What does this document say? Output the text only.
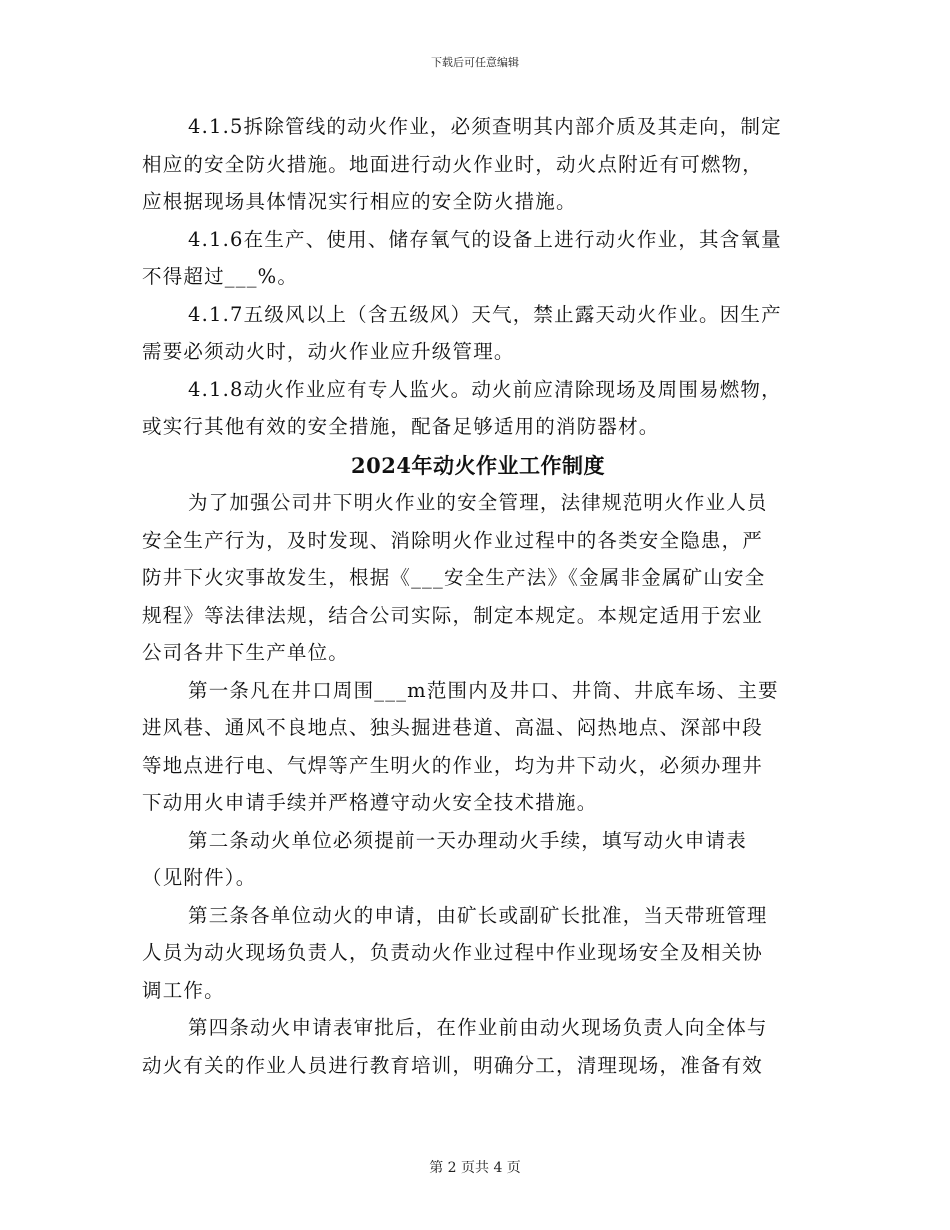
下载后可任意编辑

4.1.5拆除管线的动火作业，必须查明其内部介质及其走向，制定
相应的安全防火措施。地面进行动火作业时，动火点附近有可燃物，
应根据现场具体情况实行相应的安全防火措施。

4.1.6在生产、使用、储存氧气的设备上进行动火作业，其含氧量
不得超过___%。

4.1.7五级风以上（含五级风）天气，禁止露天动火作业。因生产
需要必须动火时，动火作业应升级管理。

4.1.8动火作业应有专人监火。动火前应清除现场及周围易燃物，
或实行其他有效的安全措施，配备足够适用的消防器材。

2024年动火作业工作制度

为了加强公司井下明火作业的安全管理，法律规范明火作业人员
安全生产行为，及时发现、消除明火作业过程中的各类安全隐患，严
防井下火灾事故发生，根据《___安全生产法》《金属非金属矿山安全
规程》等法律法规，结合公司实际，制定本规定。本规定适用于宏业
公司各井下生产单位。

第一条凡在井口周围___m范围内及井口、井筒、井底车场、主要
进风巷、通风不良地点、独头掘进巷道、高温、闷热地点、深部中段
等地点进行电、气焊等产生明火的作业，均为井下动火，必须办理井
下动用火申请手续并严格遵守动火安全技术措施。

第二条动火单位必须提前一天办理动火手续，填写动火申请表
（见附件）。

第三条各单位动火的申请，由矿长或副矿长批准，当天带班管理
人员为动火现场负责人，负责动火作业过程中作业现场安全及相关协
调工作。

第四条动火申请表审批后，在作业前由动火现场负责人向全体与
动火有关的作业人员进行教育培训，明确分工，清理现场，准备有效

第 2 页共 4 页
